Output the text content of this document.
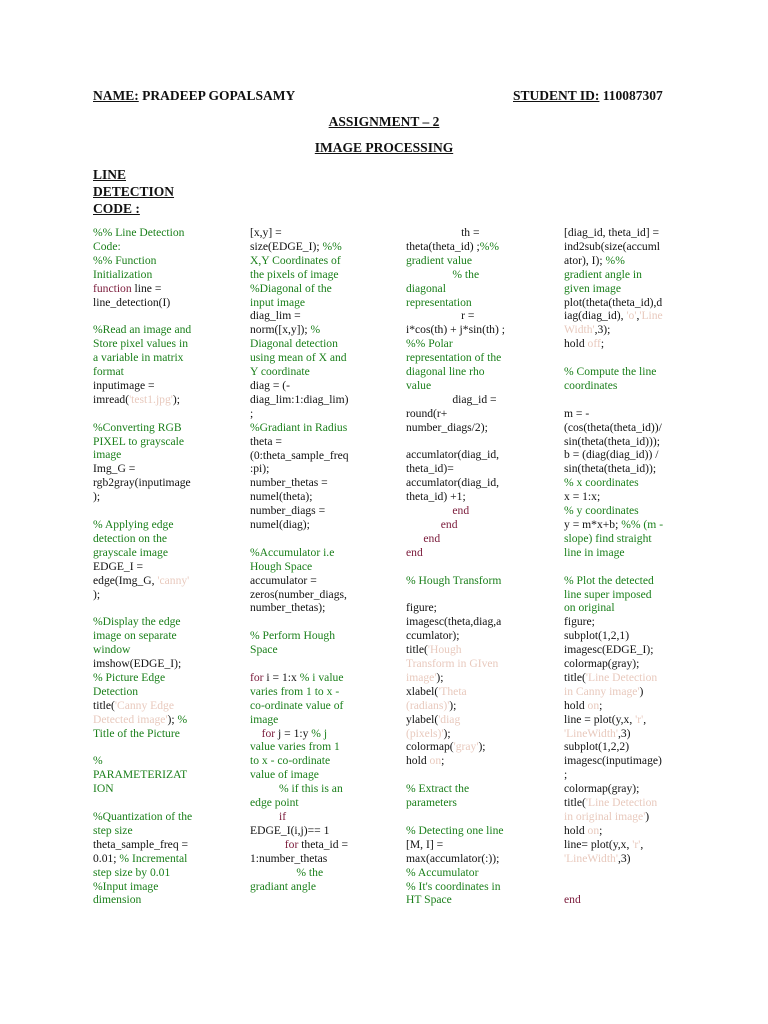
NAME: PRADEEP GOPALSAMY	STUDENT ID: 110087307
ASSIGNMENT – 2
IMAGE PROCESSING
LINE
DETECTION
CODE :
%% Line Detection
Code:
%% Function
Initialization
function line =
line_detection(I)
%Read an image and
Store pixel values in
a variable in matrix
format
inputimage =
imread('test1.jpg');
%Converting RGB
PIXEL to grayscale
image
Img_G =
rgb2gray(inputimage
);
% Applying edge
detection on the
grayscale image
EDGE_I =
edge(Img_G, 'canny'
);
%Display the edge
image on separate
window
imshow(EDGE_I);
% Picture Edge
Detection
title('Canny Edge
Detected image'); %
Title of the Picture
%
PARAMETERIZAT
ION
%Quantization of the
step size
theta_sample_freq =
0.01; % Incremental
step size by 0.01
%Input image
dimension
[x,y] =
size(EDGE_I); %%
X,Y Coordinates of
the pixels of image
%Diagonal of the
input image
diag_lim =
norm([x,y]); %
Diagonal detection
using mean of X and
Y coordinate
diag = (-
diag_lim:1:diag_lim)
;
%Gradiant in Radius
theta =
(0:theta_sample_freq
:pi);
number_thetas =
numel(theta);
number_diags =
numel(diag);
%Accumulator i.e
Hough Space
accumulator =
zeros(number_diags,
number_thetas);
% Perform Hough
Space
for i = 1:x % i value
varies from 1 to x -
co-ordinate value of
image
for j = 1:y % j
value varies from 1
to x - co-ordinate
value of image
% if this is an
edge point
if
EDGE_I(i,j)== 1
for theta_id =
1:number_thetas
% the
gradiant angle
th =
theta(theta_id) ;%%
gradient value
% the
diagonal
representation
r =
i*cos(th) + j*sin(th) ;
%% Polar
representation of the
diagonal line rho
value
diag_id =
round(r+
number_diags/2);
accumlator(diag_id,
theta_id)=
accumlator(diag_id,
theta_id) +1;
end
end
end
end
% Hough Transform
figure;
imagesc(theta,diag,a
ccumlator);
title('Hough
Transform in GIven
image');
xlabel('Theta
(radians)');
ylabel('diag
(pixels)');
colormap('gray');
hold on;
% Extract the
parameters
% Detecting one line
[M, I] =
max(accumlator(:));
% Accumulator
% It's coordinates in
HT Space
[diag_id, theta_id] =
ind2sub(size(accuml
ator), I); %%
gradient angle in
given image
plot(theta(theta_id),d
iag(diag_id), 'o','Line
Width',3);
hold off;
% Compute the line
coordinates
m = -
(cos(theta(theta_id))/
sin(theta(theta_id)));
b = (diag(diag_id)) /
sin(theta(theta_id));
% x coordinates
x = 1:x;
% y coordinates
y = m*x+b; %% (m -
slope) find straight
line in image
% Plot the detected
line super imposed
on original
figure;
subplot(1,2,1)
imagesc(EDGE_I);
colormap(gray);
title('Line Detection
in Canny image')
hold on;
line = plot(y,x, 'r',
'LineWidth',3)
subplot(1,2,2)
imagesc(inputimage)
;
colormap(gray);
title('Line Detection
in original image')
hold on;
line= plot(y,x, 'r',
'LineWidth',3)
end
